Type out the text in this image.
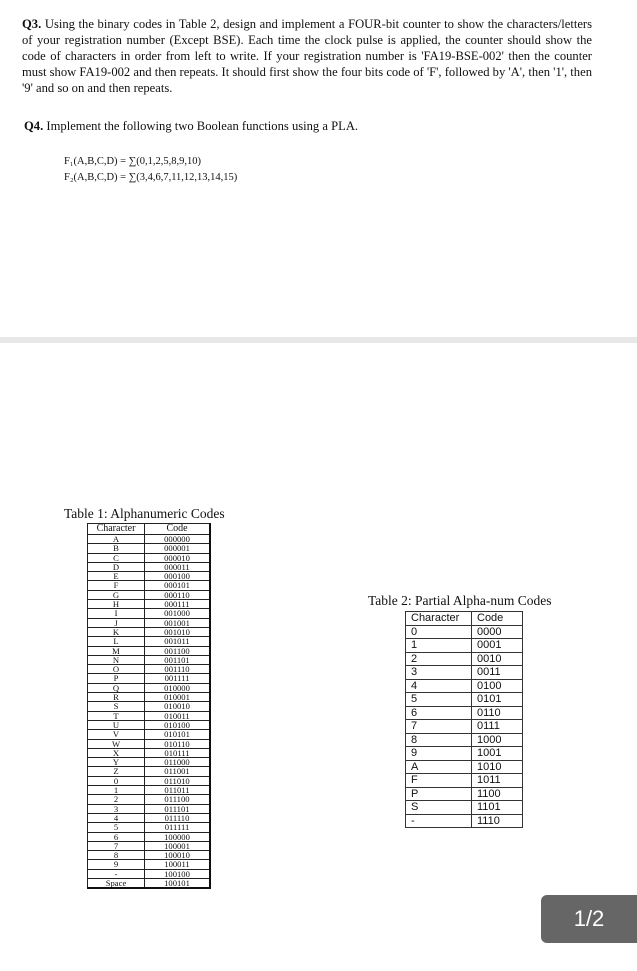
Q3. Using the binary codes in Table 2, design and implement a FOUR-bit counter to show the characters/letters of your registration number (Except BSE). Each time the clock pulse is applied, the counter should show the code of characters in order from left to write. If your registration number is 'FA19-BSE-002' then the counter must show FA19-002 and then repeats. It should first show the four bits code of 'F', followed by 'A', then '1', then '9' and so on and then repeats.
Q4. Implement the following two Boolean functions using a PLA.
F₁(A,B,C,D) = ∑(0,1,2,5,8,9,10)
F₂(A,B,C,D) = ∑(3,4,6,7,11,12,13,14,15)
Table 1: Alphanumeric Codes
Character	Code
A	000000
B	000001
C	000010
D	000011
E	000100
F	000101
G	000110
H	000111
I	001000
J	001001
K	001010
L	001011
M	001100
N	001101
O	001110
P	001111
Q	010000
R	010001
S	010010
T	010011
U	010100
V	010101
W	010110
X	010111
Y	011000
Z	011001
0	011010
1	011011
2	011100
3	011101
4	011110
5	011111
6	100000
7	100001
8	100010
9	100011
-	100100
Space	100101
Table 2: Partial Alpha-num Codes
Character	Code
0	0000
1	0001
2	0010
3	0011
4	0100
5	0101
6	0110
7	0111
8	1000
9	1001
A	1010
F	1011
P	1100
S	1101
-	1110
1/2
